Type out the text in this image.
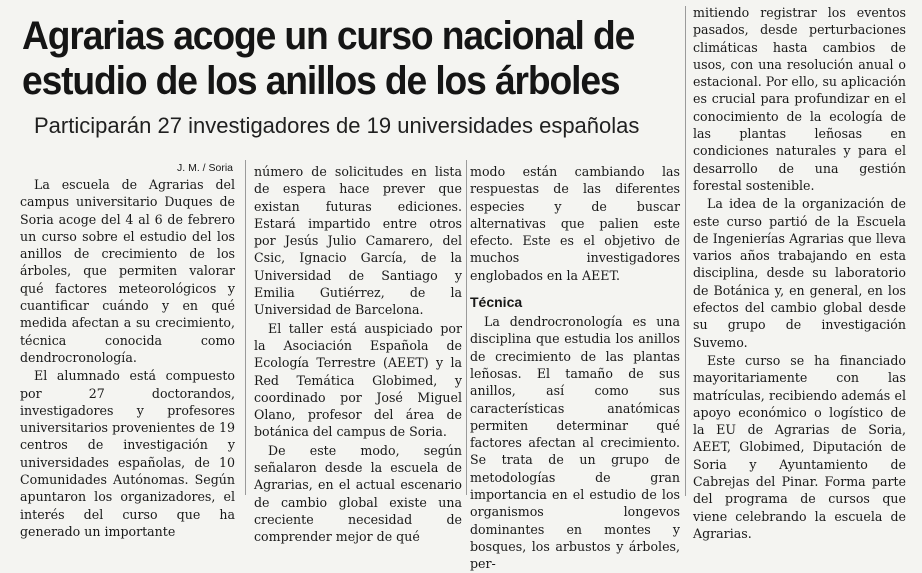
Agrarias acoge un curso nacional de
estudio de los anillos de los árboles
Participarán 27 investigadores de 19 universidades españolas
J. M. / Soria

La escuela de Agrarias del campus universitario Duques de Soria acoge del 4 al 6 de febrero un curso sobre el estudio del los anillos de crecimiento de los árboles, que permiten valorar qué factores meteorológicos y cuantificar cuándo y en qué medida afectan a su crecimiento, técnica conocida como dendrocronología.

El alumnado está compuesto por 27 doctorandos, investigadores y profesores universitarios provenientes de 19 centros de investigación y universidades españolas, de 10 Comunidades Autónomas. Según apuntaron los organizadores, el interés del curso que ha generado un importante

número de solicitudes en lista de espera hace prever que existan futuras ediciones. Estará impartido entre otros por Jesús Julio Camarero, del Csic, Ignacio García, de la Universidad de Santiago y Emilia Gutiérrez, de la Universidad de Barcelona.

El taller está auspiciado por la Asociación Española de Ecología Terrestre (AEET) y la Red Temática Globimed, y coordinado por José Miguel Olano, profesor del área de botánica del campus de Soria.

De este modo, según señalaron desde la escuela de Agrarias, en el actual escenario de cambio global existe una creciente necesidad de comprender mejor de qué

modo están cambiando las respuestas de las diferentes especies y de buscar alternativas que palien este efecto. Este es el objetivo de muchos investigadores englobados en la AEET.

Técnica

La dendrocronología es una disciplina que estudia los anillos de crecimiento de las plantas leñosas. El tamaño de sus anillos, así como sus características anatómicas permiten determinar qué factores afectan al crecimiento. Se trata de un grupo de metodologías de gran importancia en el estudio de los organismos longevos dominantes en montes y bosques, los arbustos y árboles, per-

mitiendo registrar los eventos pasados, desde perturbaciones climáticas hasta cambios de usos, con una resolución anual o estacional. Por ello, su aplicación es crucial para profundizar en el conocimiento de la ecología de las plantas leñosas en condiciones naturales y para el desarrollo de una gestión forestal sostenible.

La idea de la organización de este curso partió de la Escuela de Ingenierías Agrarias que lleva varios años trabajando en esta disciplina, desde su laboratorio de Botánica y, en general, en los efectos del cambio global desde su grupo de investigación Suvemo.

Este curso se ha financiado mayoritariamente con las matrículas, recibiendo además el apoyo económico o logístico de la EU de Agrarias de Soria, AEET, Globimed, Diputación de Soria y Ayuntamiento de Cabrejas del Pinar. Forma parte del programa de cursos que viene celebrando la escuela de Agrarias.
